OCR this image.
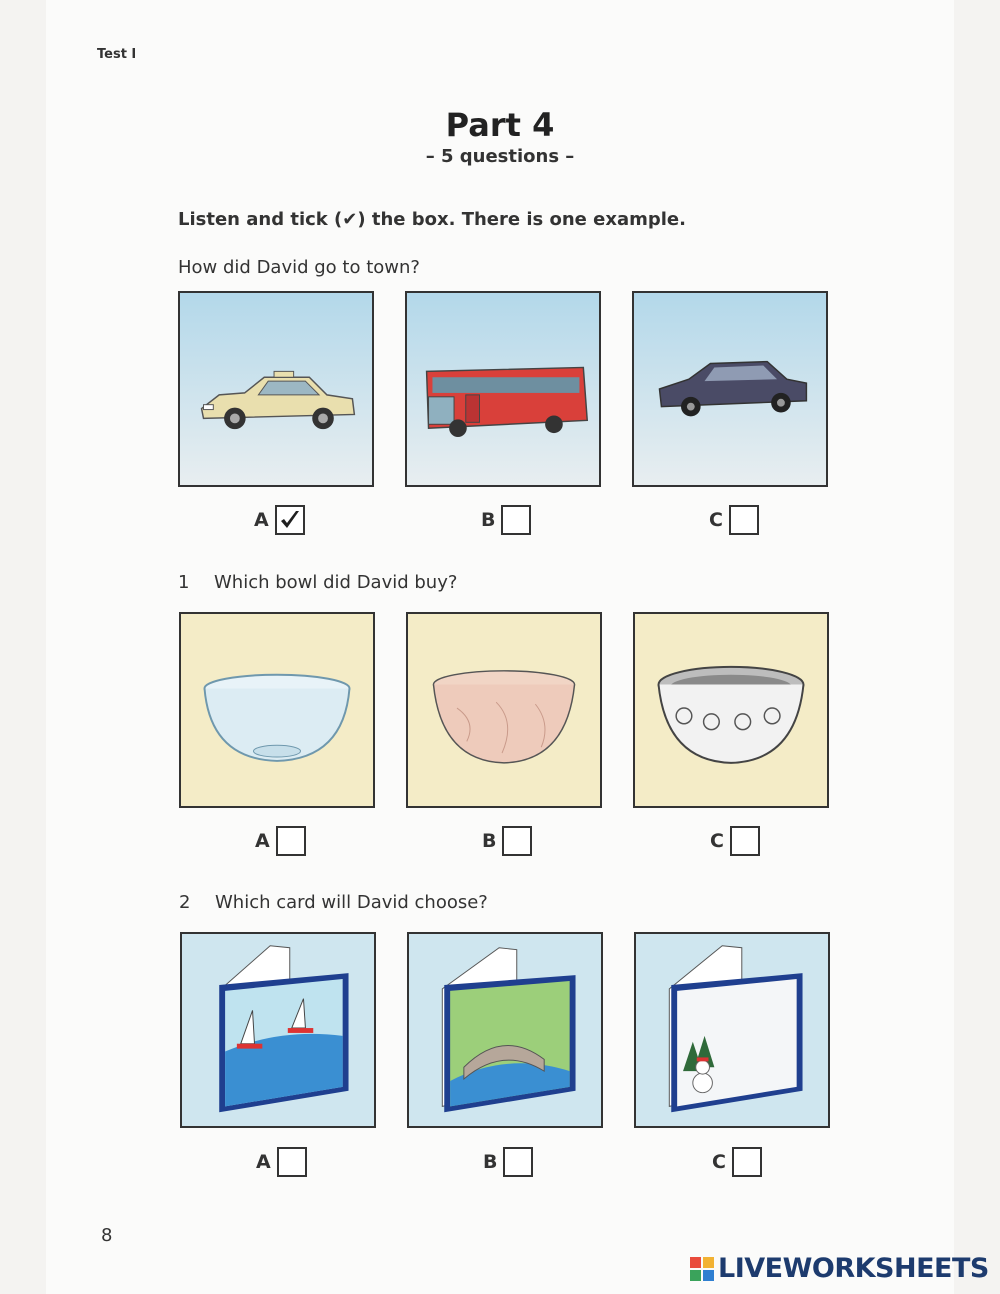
Test I
Part 4
– 5 questions –
Listen and tick (✔) the box. There is one example.
How did David go to town?
A	B	C
1 Which bowl did David buy?
A	B	C
2 Which card will David choose?
A	B	C
8
LIVEWORKSHEETS
